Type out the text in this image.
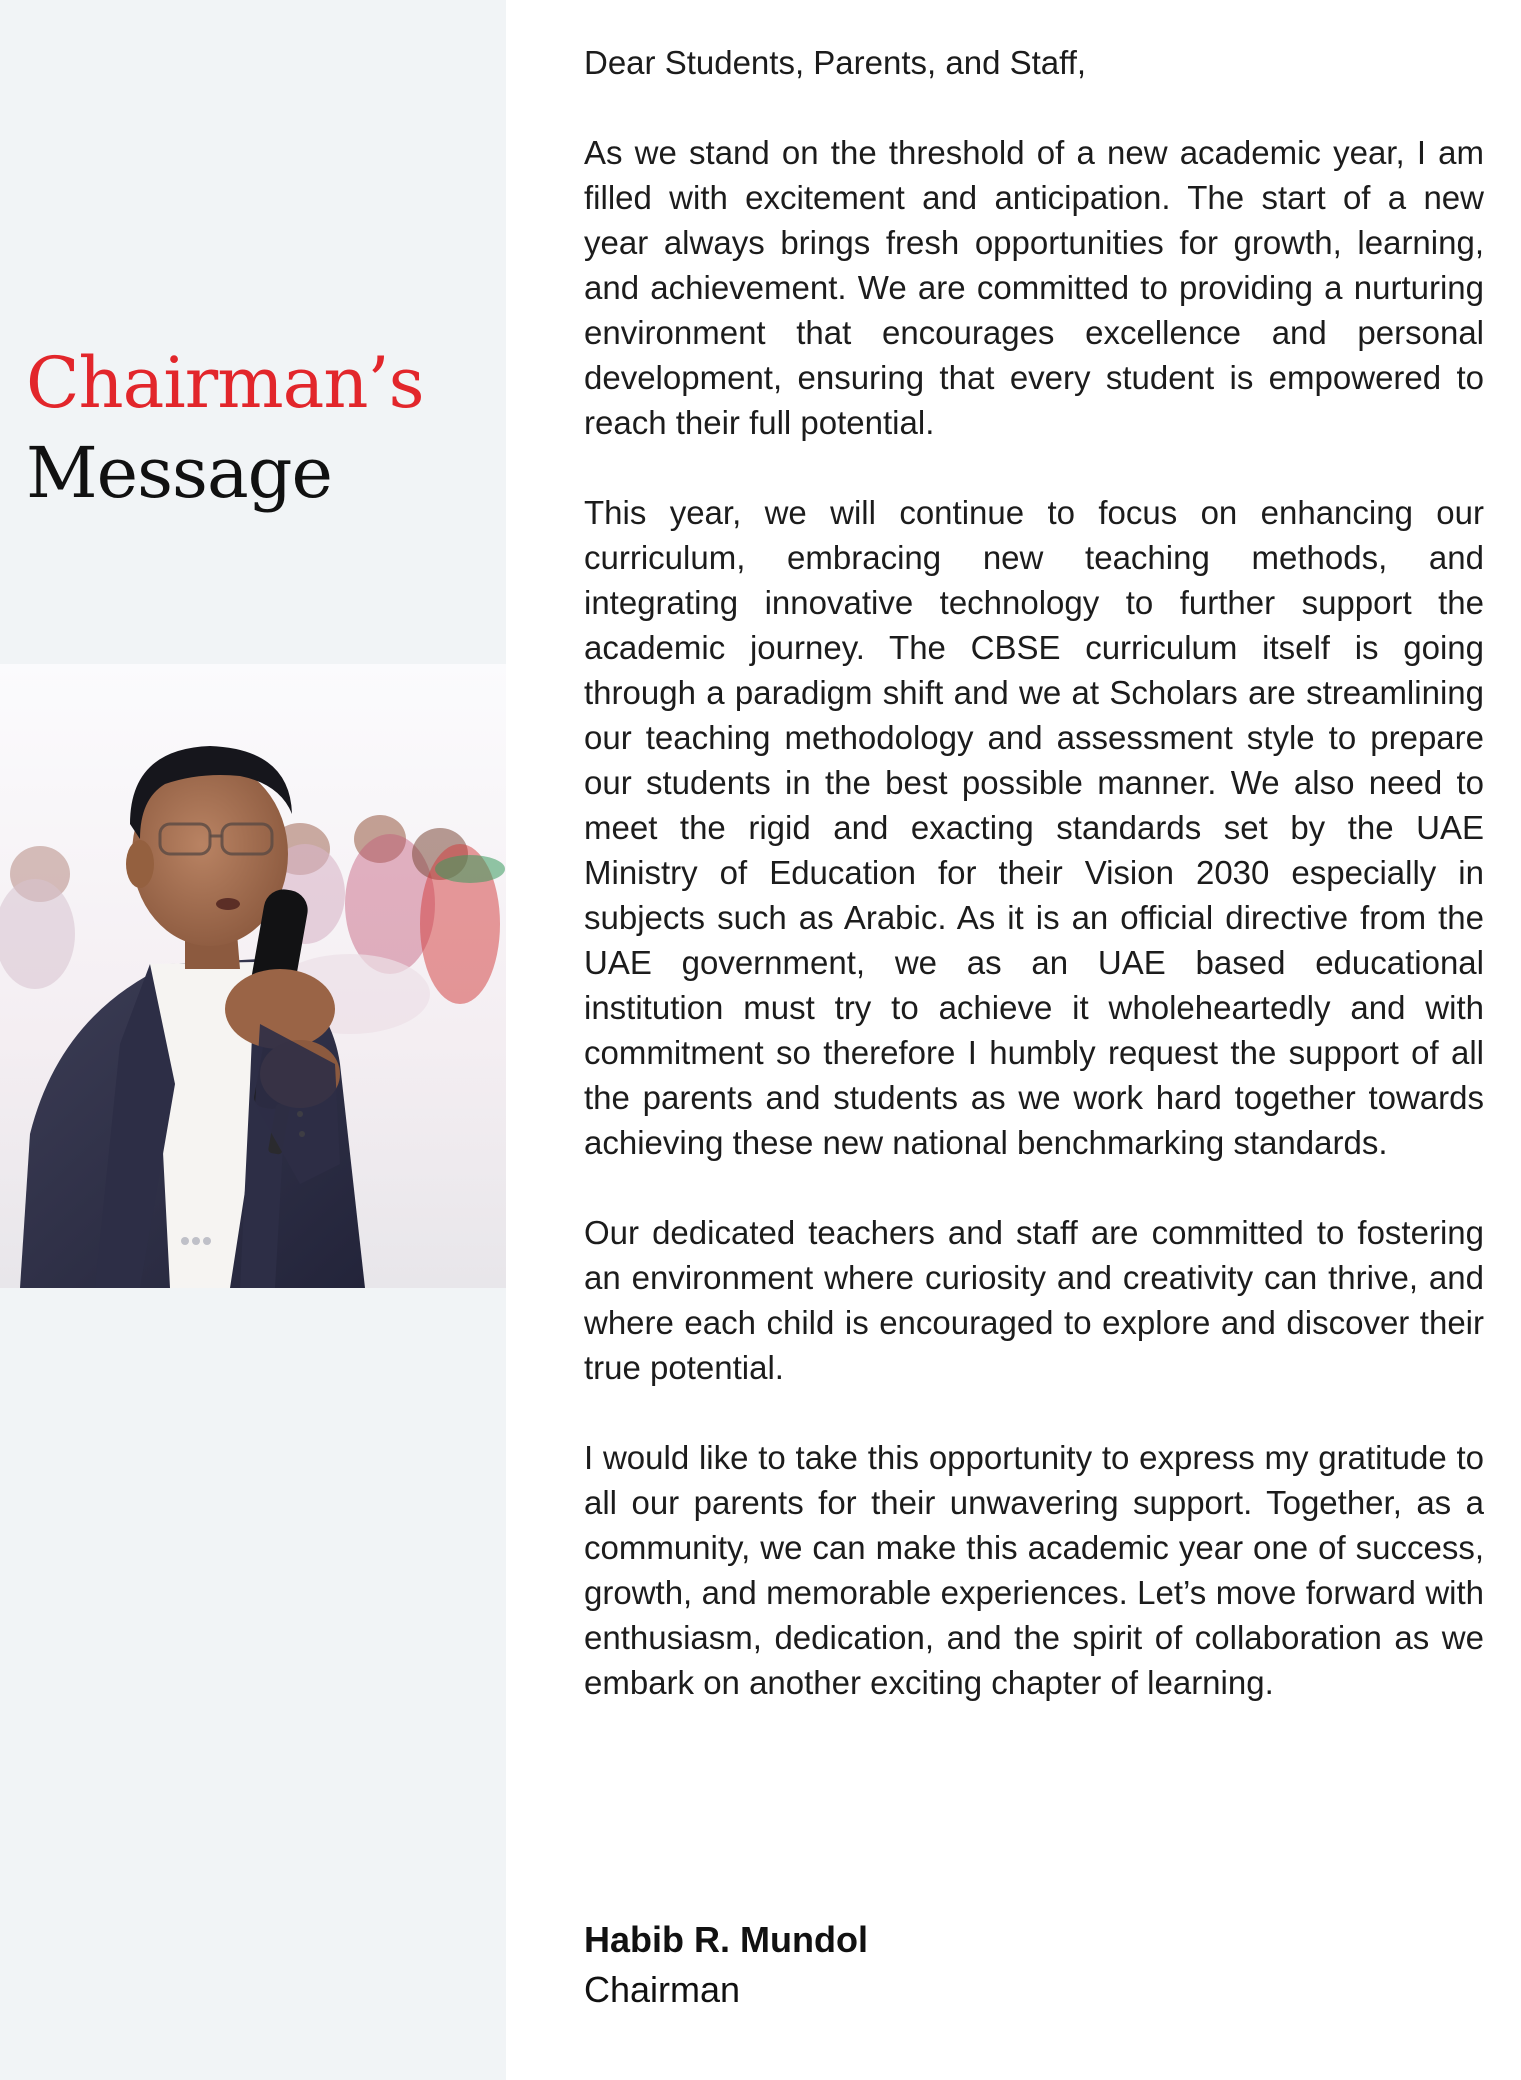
Chairman’s
Message

Dear Students, Parents, and Staff,

As we stand on the threshold of a new academic year, I am filled with excitement and anticipation. The start of a new year always brings fresh opportunities for growth, learning, and achievement. We are committed to providing a nurturing environment that encourages excellence and personal development, ensuring that every student is empowered to reach their full potential.

This year, we will continue to focus on enhancing our curriculum, embracing new teaching methods, and integrating innovative technology to further support the academic journey. The CBSE curriculum itself is going through a paradigm shift and we at Scholars are streamlining our teaching methodology and assessment style to prepare our students in the best possible manner. We also need to meet the rigid and exacting standards set by the UAE Ministry of Education for their Vision 2030 especially in subjects such as Arabic. As it is an official directive from the UAE government, we as an UAE based educational institution must try to achieve it wholeheartedly and with commitment so therefore I humbly request the support of all the parents and students as we work hard together towards achieving these new national benchmarking standards.

Our dedicated teachers and staff are committed to fostering an environment where curiosity and creativity can thrive, and where each child is encouraged to explore and discover their true potential.

I would like to take this opportunity to express my gratitude to all our parents for their unwavering support. Together, as a community, we can make this academic year one of success, growth, and memorable experiences. Let’s move forward with enthusiasm, dedication, and the spirit of collaboration as we embark on another exciting chapter of learning.

Habib R. Mundol
Chairman
